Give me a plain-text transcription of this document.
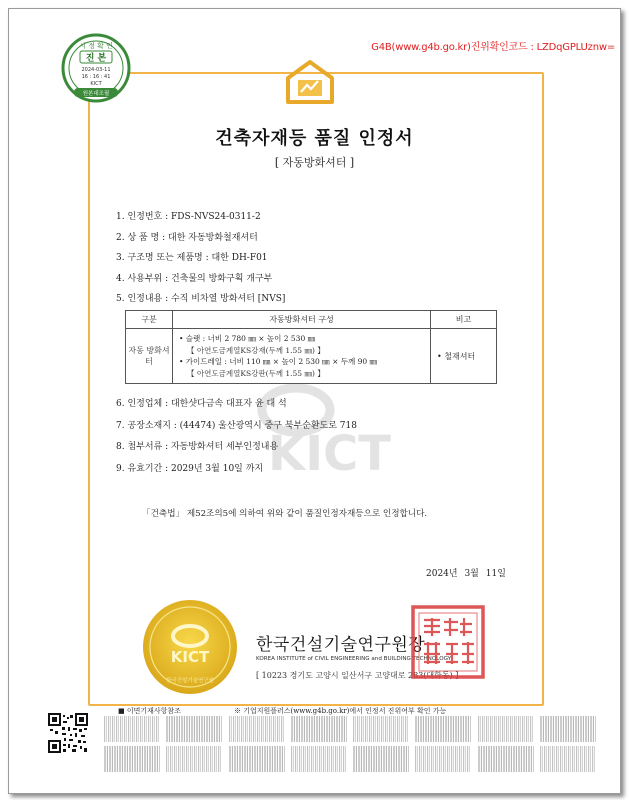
G4B(www.g4b.go.kr)진위확인코드 : LZDqGPLUznw=
시 정 확 인
진 본
2024-03-11
16 : 16 : 41
KICT
원본대조필
건축자재등 품질 인정서
[ 자동방화셔터 ]
1. 인정번호 : FDS-NVS24-0311-2
2. 상 품 명 : 대한 자동방화철재셔터
3. 구조명 또는 제품명 : 대한 DH-F01
4. 사용부위 : 건축물의 방화구획 개구부
5. 인정내용 : 수직 비차열 방화셔터 [NVS]
구분	자동방화셔터 구성	비고
자동 방화셔터	• 슬랫 : 너비 2 780 ㎜ × 높이 2 530 ㎜
【 아연도금계열KS강재(두께 1.55 ㎜) 】
• 가이드레일 : 너비 110 ㎜ × 높이 2 530 ㎜ × 두께 90 ㎜
【 아연도금계열KS강판(두께 1.55 ㎜) 】	• 철재셔터
KICT
6. 인정업체 : 대한샷다금속 대표자 윤 대 석
7. 공장소재지 : (44474) 울산광역시 중구 북부순환도로 718
8. 첨부서류 : 자동방화셔터 세부인정내용
9. 유효기간 : 2029년 3월 10일 까지
「건축법」 제52조의5에 의하여 위와 같이 품질인정자재등으로 인정합니다.
2024년 3월 11일
KICT
한국건설기술연구원
한국건설기술연구원장
KOREA INSTITUTE of CIVIL ENGINEERING and BUILDING TECHNOLOGY
[ 10223 경기도 고양시 일산서구 고양대로 283(대화동) ]
■ 이면기재사항참조	※ 기업지원플러스(www.g4b.go.kr)에서 인정서 진위여부 확인 가능
